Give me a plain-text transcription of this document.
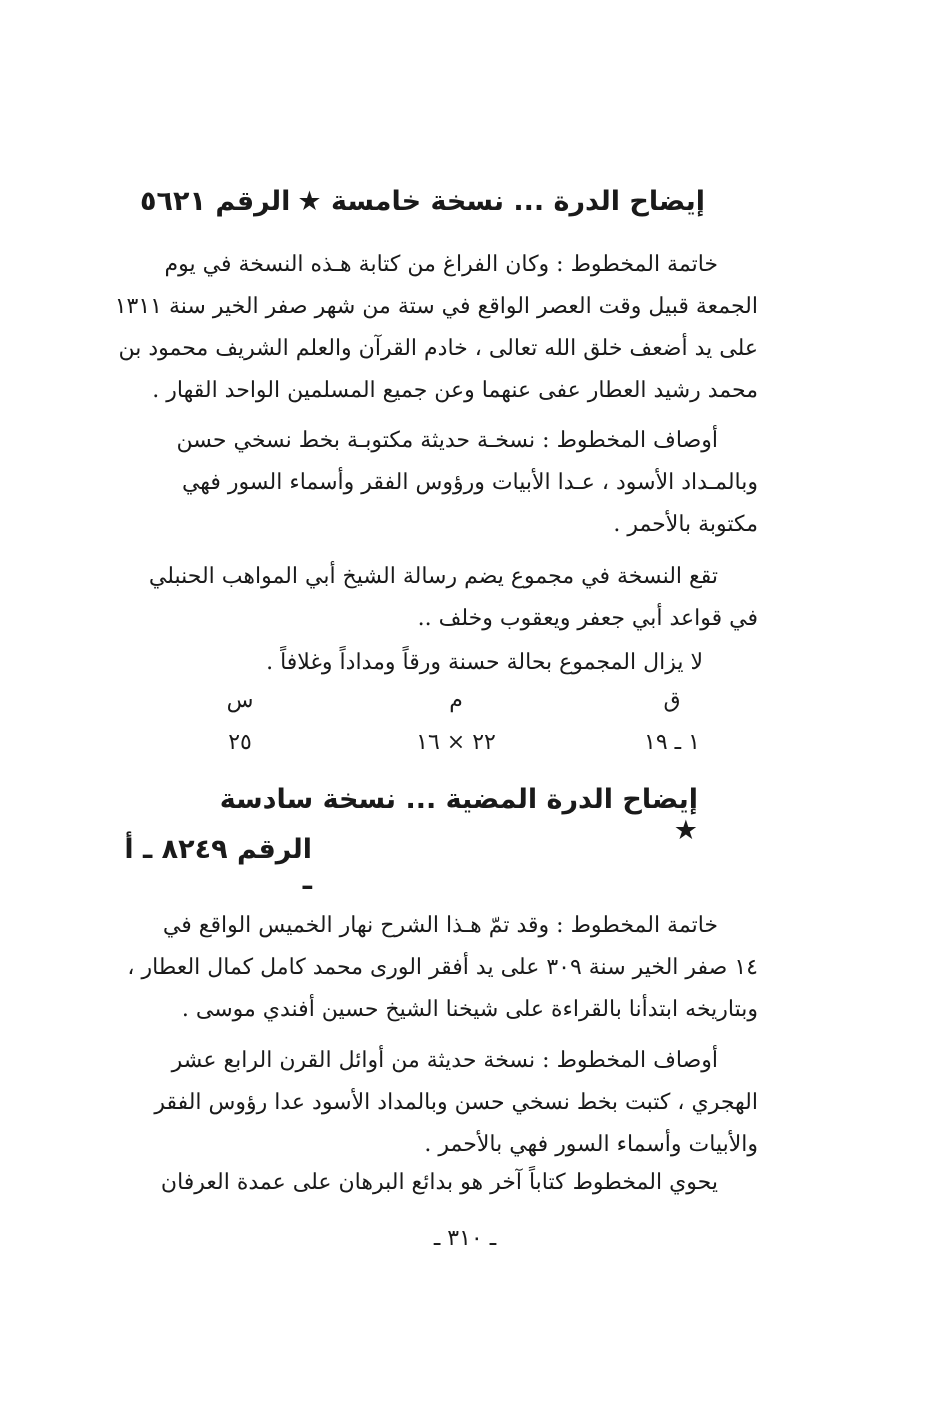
إيضاح الدرة ... نسخة خامسة ★
الرقم ٥٦٢١

خاتمة المخطوط : وكان الفراغ من كتابة هـذه النسخة في يوم

الجمعة قبيل وقت العصر الواقع في ستة من شهر صفر الخير سنة ١٣١١

على يد أضعف خلق الله تعالى ، خادم القرآن والعلم الشريف محمود بن

محمد رشيد العطار عفى عنهما وعن جميع المسلمين الواحد القهار .

أوصاف المخطوط : نسخـة حديثة مكتوبـة بخط نسخي حسن

وبالمـداد الأسود ، عـدا الأبيات ورؤوس الفقر وأسماء السور فهي

مكتوبة بالأحمر .

تقع النسخة في مجموع يضم رسالة الشيخ أبي المواهب الحنبلي

في قواعد أبي جعفر ويعقوب وخلف ..

لا يزال المجموع بحالة حسنة ورقاً ومداداً وغلافاً .

ق
م
س
١ ـ ١٩
٢٢ × ١٦
٢٥
إيضاح الدرة المضية ... نسخة سادسة ★
الرقم ٨٢٤٩ ـ أ ـ

خاتمة المخطوط : وقد تمّ هـذا الشرح نهار الخميس الواقع في

١٤ صفر الخير سنة ٣٠٩ على يد أفقر الورى محمد كامل كمال العطار ،

وبتاريخه ابتدأنا بالقراءة على شيخنا الشيخ حسين أفندي موسى .

أوصاف المخطوط : نسخة حديثة من أوائل القرن الرابع عشر

الهجري ، كتبت بخط نسخي حسن وبالمداد الأسود عدا رؤوس الفقر

والأبيات وأسماء السور فهي بالأحمر .

يحوي المخطوط كتاباً آخر هو بدائع البرهان على عمدة العرفان

ـ ٣١٠ ـ
